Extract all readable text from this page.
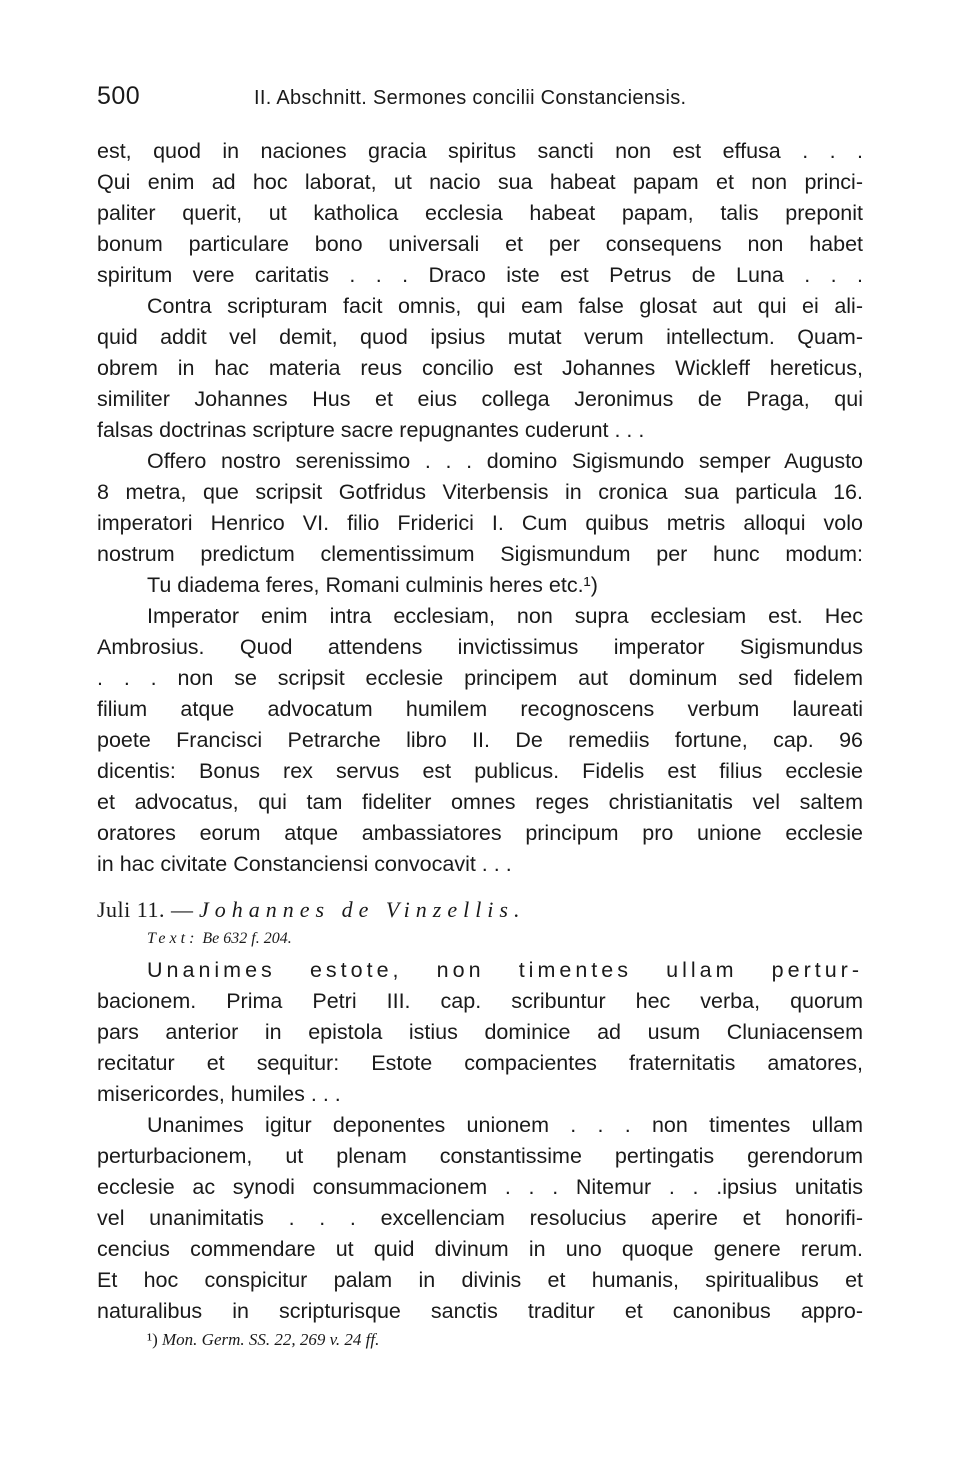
500	II. Abschnitt. Sermones concilii Constanciensis.
est, quod in naciones gracia spiritus sancti non est effusa . . .
Qui enim ad hoc laborat, ut nacio sua habeat papam et non princi-
paliter querit, ut katholica ecclesia habeat papam, talis preponit
bonum particulare bono universali et per consequens non habet
spiritum vere caritatis . . . Draco iste est Petrus de Luna . . .
Contra scripturam facit omnis, qui eam false glosat aut qui ei ali-
quid addit vel demit, quod ipsius mutat verum intellectum. Quam-
obrem in hac materia reus concilio est Johannes Wickleff hereticus,
similiter Johannes Hus et eius collega Jeronimus de Praga, qui
falsas doctrinas scripture sacre repugnantes cuderunt . . .
Offero nostro serenissimo . . . domino Sigismundo semper Augusto
8 metra, que scripsit Gotfridus Viterbensis in cronica sua particula 16.
imperatori Henrico VI. filio Friderici I. Cum quibus metris alloqui volo
nostrum predictum clementissimum Sigismundum per hunc modum:
Tu diadema feres, Romani culminis heres etc.¹)
Imperator enim intra ecclesiam, non supra ecclesiam est. Hec
Ambrosius. Quod attendens invictissimus imperator Sigismundus
. . . non se scripsit ecclesie principem aut dominum sed fidelem
filium atque advocatum humilem recognoscens verbum laureati
poete Francisci Petrarche libro II. De remediis fortune, cap. 96
dicentis: Bonus rex servus est publicus. Fidelis est filius ecclesie
et advocatus, qui tam fideliter omnes reges christianitatis vel saltem
oratores eorum atque ambassiatores principum pro unione ecclesie
in hac civitate Constanciensi convocavit . . .
Juli 11. — Johannes de Vinzellis.
Text: Be 632 f. 204.
Unanimes estote, non timentes ullam pertur-
bacionem. Prima Petri III. cap. scribuntur hec verba, quorum
pars anterior in epistola istius dominice ad usum Cluniacensem
recitatur et sequitur: Estote compacientes fraternitatis amatores,
misericordes, humiles . . .
Unanimes igitur deponentes unionem . . . non timentes ullam
perturbacionem, ut plenam constantissime pertingatis gerendorum
ecclesie ac synodi consummacionem . . . Nitemur . . .ipsius unitatis
vel unanimitatis . . . excellenciam resolucius aperire et honorifi-
cencius commendare ut quid divinum in uno quoque genere rerum.
Et hoc conspicitur palam in divinis et humanis, spiritualibus et
naturalibus in scripturisque sanctis traditur et canonibus appro-
¹) Mon. Germ. SS. 22, 269 v. 24 ff.
